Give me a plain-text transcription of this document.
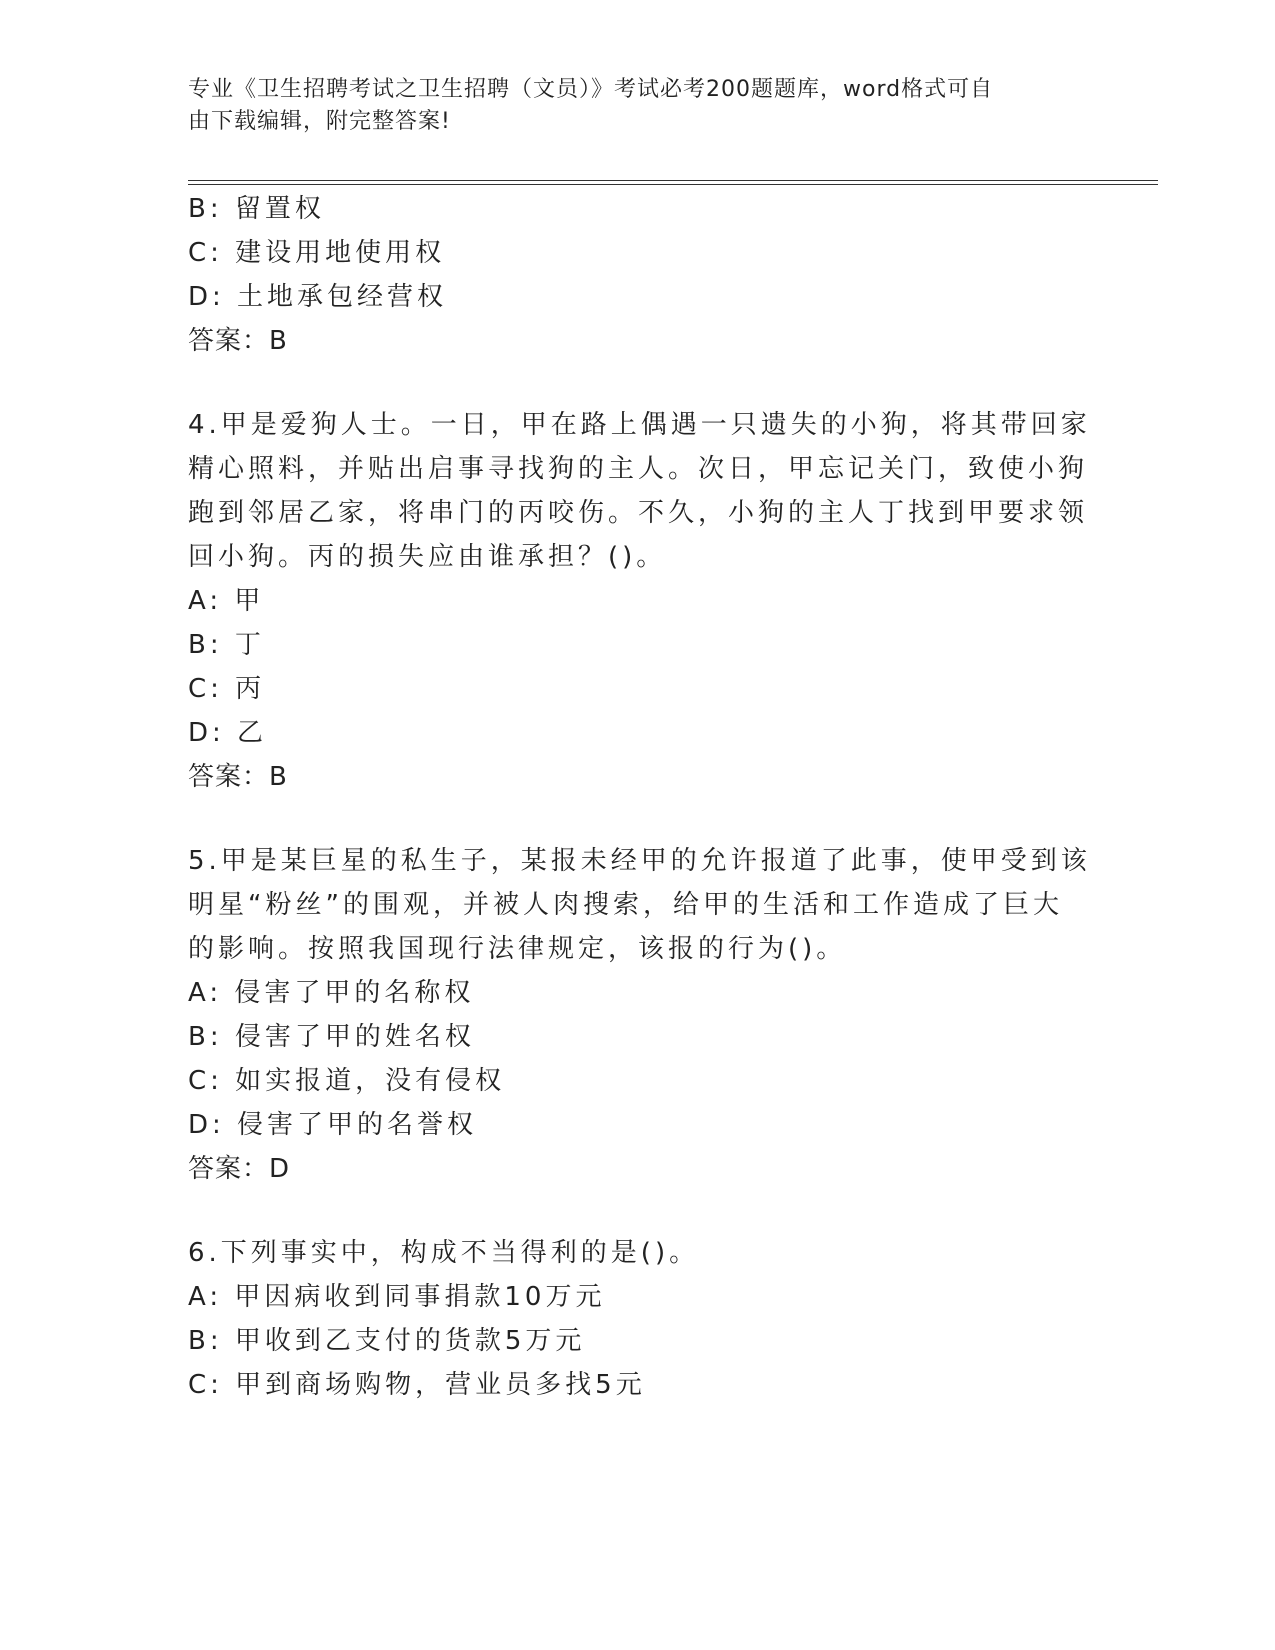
专业《卫生招聘考试之卫生招聘（文员）》考试必考200题题库，word格式可自
由下载编辑，附完整答案!
B: 留置权
C: 建设用地使用权
D: 土地承包经营权
答案：B
4.甲是爱狗人士。一日，甲在路上偶遇一只遗失的小狗，将其带回家
精心照料，并贴出启事寻找狗的主人。次日，甲忘记关门，致使小狗
跑到邻居乙家，将串门的丙咬伤。不久，小狗的主人丁找到甲要求领
回小狗。丙的损失应由谁承担？()。
A: 甲
B: 丁
C: 丙
D: 乙
答案：B
5.甲是某巨星的私生子，某报未经甲的允许报道了此事，使甲受到该
明星“粉丝”的围观，并被人肉搜索，给甲的生活和工作造成了巨大
的影响。按照我国现行法律规定，该报的行为()。
A: 侵害了甲的名称权
B: 侵害了甲的姓名权
C: 如实报道，没有侵权
D: 侵害了甲的名誉权
答案：D
6.下列事实中，构成不当得利的是()。
A: 甲因病收到同事捐款10万元
B: 甲收到乙支付的货款5万元
C: 甲到商场购物，营业员多找5元
